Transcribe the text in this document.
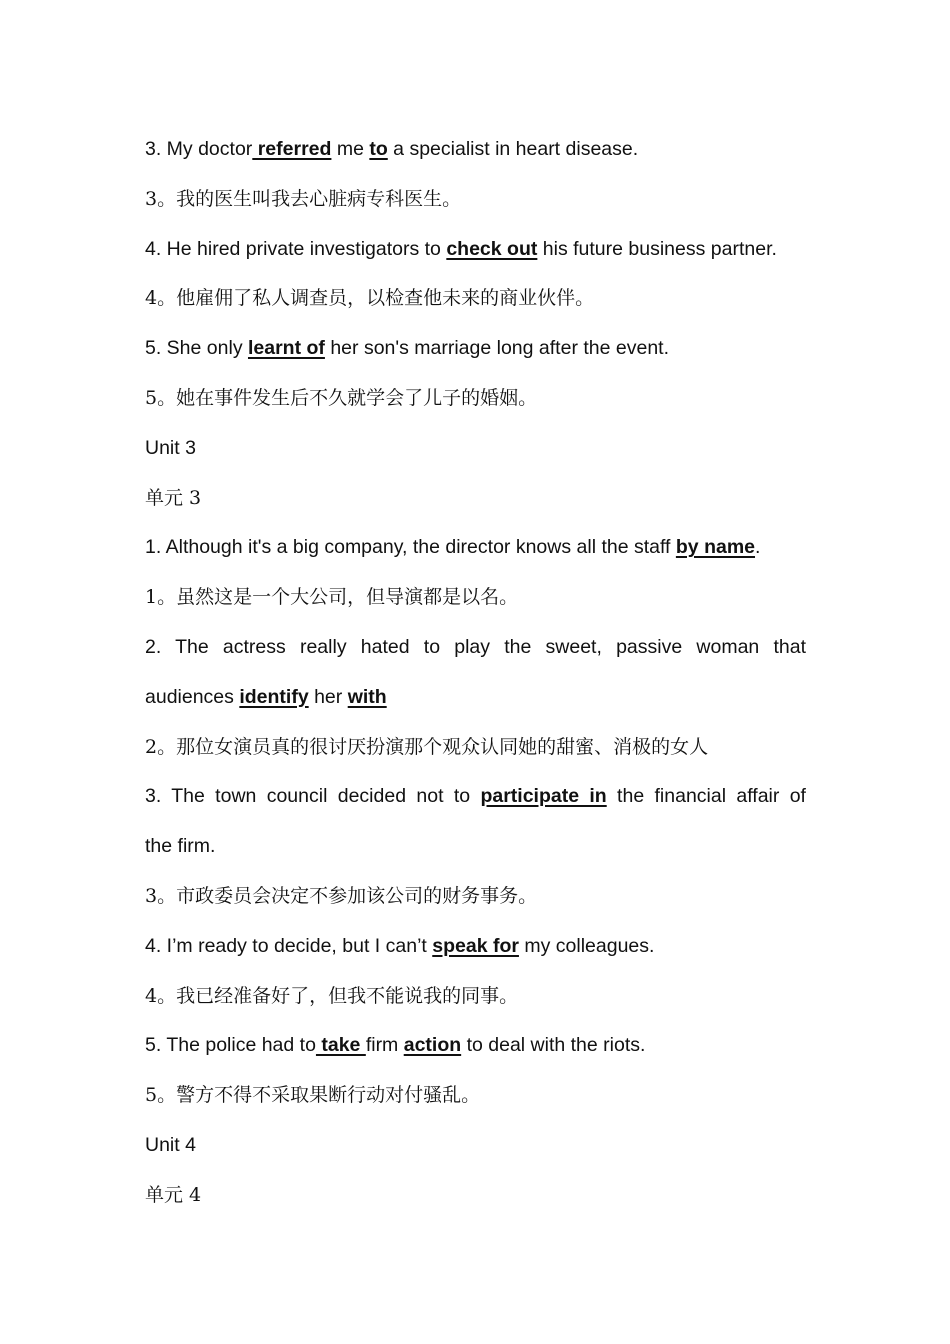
3. My doctor referred me to a specialist in heart disease.
3。我的医生叫我去心脏病专科医生。
4. He hired private investigators to check out his future business partner.
4。他雇佣了私人调查员，以检查他未来的商业伙伴。
5. She only learnt of her son's marriage long after the event.
5。她在事件发生后不久就学会了儿子的婚姻。
Unit 3
单元 3
1. Although it's a big company, the director knows all the staff by name.
1。虽然这是一个大公司，但导演都是以名。
2. The actress really hated to play the sweet, passive woman that
audiences identify her with
2。那位女演员真的很讨厌扮演那个观众认同她的甜蜜、消极的女人
3. The town council decided not to participate in the financial affair of
the firm.
3。市政委员会决定不参加该公司的财务事务。
4. I’m ready to decide, but I can’t speak for my colleagues.
4。我已经准备好了，但我不能说我的同事。
5. The police had to take firm action to deal with the riots.
5。警方不得不采取果断行动对付骚乱。
Unit 4
单元 4
